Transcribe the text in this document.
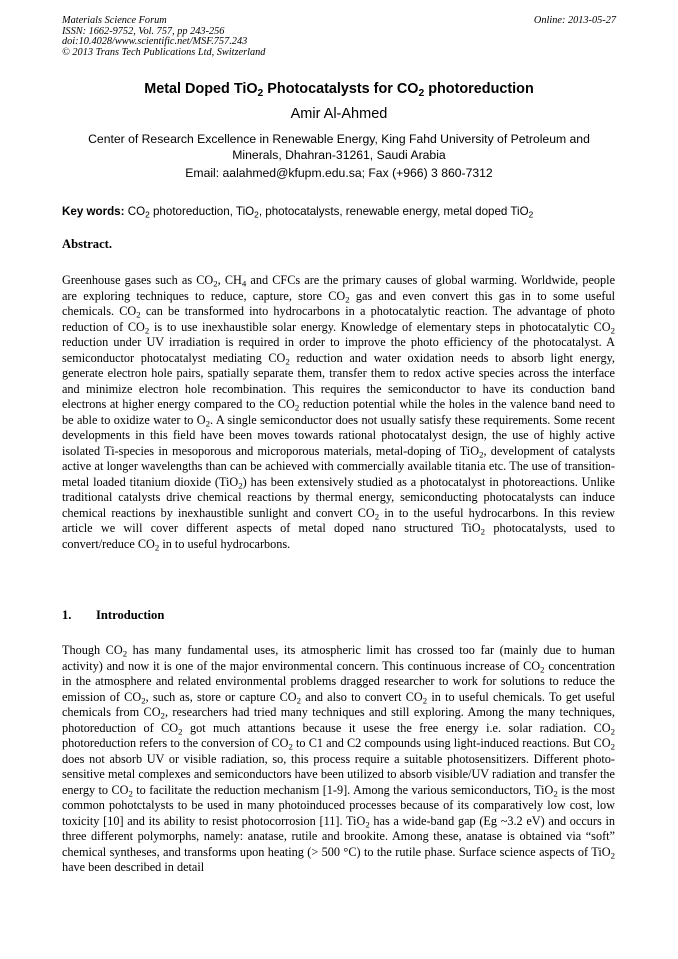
Materials Science Forum
ISSN: 1662-9752, Vol. 757, pp 243-256
doi:10.4028/www.scientific.net/MSF.757.243
© 2013 Trans Tech Publications Ltd, Switzerland
Online: 2013-05-27
Metal Doped TiO$_2$ Photocatalysts for $CO_2$ photoreduction
Amir Al-Ahmed
Center of Research Excellence in Renewable Energy, King Fahd University of Petroleum and Minerals, Dhahran-31261, Saudi Arabia
Email: aalahmed@kfupm.edu.sa; Fax (+966) 3 860-7312
Key words: $CO_2$ photoreduction, TiO$_2$, photocatalysts, renewable energy, metal doped TiO$_2$
Abstract.

Greenhouse gases such as $CO_2$, $CH_4$ and CFCs are the primary causes of global warming. Worldwide, people are exploring techniques to reduce, capture, store $CO_2$ gas and even convert this gas in to some useful chemicals. $CO_2$ can be transformed into hydrocarbons in a photocatalytic reaction. The advantage of photo reduction of $CO_2$ is to use inexhaustible solar energy. Knowledge of elementary steps in photocatalytic $CO_2$ reduction under UV irradiation is required in order to improve the photo efficiency of the photocatalyst. A semiconductor photocatalyst mediating $CO_2$ reduction and water oxidation needs to absorb light energy, generate electron hole pairs, spatially separate them, transfer them to redox active species across the interface and minimize electron hole recombination. This requires the semiconductor to have its conduction band electrons at higher energy compared to the $CO_2$ reduction potential while the holes in the valence band need to be able to oxidize water to $O_2$. A single semiconductor does not usually satisfy these requirements. Some recent developments in this field have been moves towards rational photocatalyst design, the use of highly active isolated Ti-species in mesoporous and microporous materials, metal-doping of TiO$_2$, development of catalysts active at longer wavelengths than can be achieved with commercially available titania etc. The use of transition-metal loaded titanium dioxide (TiO$_2$) has been extensively studied as a photocatalyst in photoreactions. Unlike traditional catalysts drive chemical reactions by thermal energy, semiconducting photocatalysts can induce chemical reactions by inexhaustible sunlight and convert $CO_2$ in to the useful hydrocarbons. In this review article we will cover different aspects of metal doped nano structured TiO$_2$ photocatalysts, used to convert/reduce $CO_2$ in to useful hydrocarbons.

1. Introduction

Though $CO_2$ has many fundamental uses, its atmospheric limit has crossed too far (mainly due to human activity) and now it is one of the major environmental concern. This continuous increase of $CO_2$ concentration in the atmosphere and related environmental problems dragged researcher to work for solutions to reduce the emission of $CO_2$, such as, store or capture $CO_2$ and also to convert $CO_2$ in to useful chemicals. To get useful chemicals from $CO_2$, researchers had tried many techniques and still exploring. Among the many techniques, photoreduction of $CO_2$ got much attantions because it usese the free energy i.e. solar radiation. $CO_2$ photoreduction refers to the conversion of $CO_2$ to C1 and C2 compounds using light-induced reactions. But $CO_2$ does not absorb UV or visible radiation, so, this process require a suitable photosensitizers. Different photo-sensitive metal complexes and semiconductors have been utilized to absorb visible/UV radiation and transfer the energy to $CO_2$ to facilitate the reduction mechanism [1-9]. Among the various semiconductors, TiO$_2$ is the most common pohotctalysts to be used in many photoinduced processes because of its comparatively low cost, low toxicity [10] and its ability to resist photocorrosion [11]. TiO$_2$ has a wide-band gap (Eg ~3.2 eV) and occurs in three different polymorphs, namely: anatase, rutile and brookite. Among these, anatase is obtained via “soft” chemical syntheses, and transforms upon heating (> 500 °C) to the rutile phase. Surface science aspects of TiO$_2$ have been described in detail
